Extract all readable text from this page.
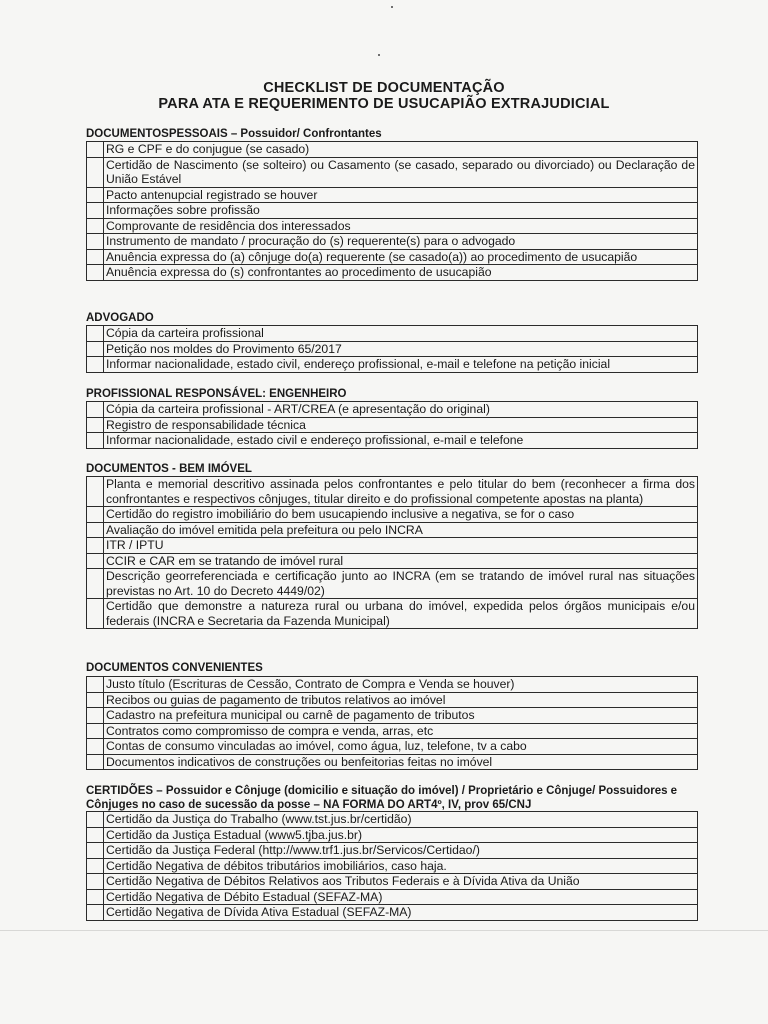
CHECKLIST DE DOCUMENTAÇÃO
PARA ATA E REQUERIMENTO DE USUCAPIÃO EXTRAJUDICIAL
DOCUMENTOSPESSOAIS – Possuidor/ Confrontantes
	RG e CPF e do conjugue (se casado)
	Certidão de Nascimento (se solteiro) ou Casamento (se casado, separado ou divorciado) ou Declaração de União Estável
	Pacto antenupcial registrado se houver
	Informações sobre profissão
	Comprovante de residência dos interessados
	Instrumento de mandato / procuração do (s) requerente(s) para o advogado
	Anuência expressa do (a) cônjuge do(a) requerente (se casado(a)) ao procedimento de usucapião
	Anuência expressa do (s) confrontantes ao procedimento de usucapião
ADVOGADO
	Cópia da carteira profissional
	Petição nos moldes do Provimento 65/2017
	Informar nacionalidade, estado civil, endereço profissional, e-mail e telefone na petição inicial
PROFISSIONAL RESPONSÁVEL: ENGENHEIRO
	Cópia da carteira profissional - ART/CREA (e apresentação do original)
	Registro de responsabilidade técnica
	Informar nacionalidade, estado civil e endereço profissional, e-mail e telefone
DOCUMENTOS - BEM IMÓVEL
	Planta e memorial descritivo assinada pelos confrontantes e pelo titular do bem (reconhecer a firma dos confrontantes e respectivos cônjuges, titular direito e do profissional competente apostas na planta)
	Certidão do registro imobiliário do bem usucapiendo inclusive a negativa, se for o caso
	Avaliação do imóvel emitida pela prefeitura ou pelo INCRA
	ITR / IPTU
	CCIR e CAR em se tratando de imóvel rural
	Descrição georreferenciada e certificação junto ao INCRA (em se tratando de imóvel rural nas situações previstas no Art. 10 do Decreto 4449/02)
	Certidão que demonstre a natureza rural ou urbana do imóvel, expedida pelos órgãos municipais e/ou federais (INCRA e Secretaria da Fazenda Municipal)
DOCUMENTOS CONVENIENTES
	Justo título (Escrituras de Cessão, Contrato de Compra e Venda se houver)
	Recibos ou guias de pagamento de tributos relativos ao imóvel
	Cadastro na prefeitura municipal ou carnê de pagamento de tributos
	Contratos como compromisso de compra e venda, arras, etc
	Contas de consumo vinculadas ao imóvel, como água, luz, telefone, tv a cabo
	Documentos indicativos de construções ou benfeitorias feitas no imóvel
CERTIDÕES – Possuidor e Cônjuge (domicilio e situação do imóvel) / Proprietário e Cônjuge/ Possuidores e Cônjuges no caso de sucessão da posse – NA FORMA DO ART4º, IV, prov 65/CNJ
	Certidão da Justiça do Trabalho (www.tst.jus.br/certidão)
	Certidão da Justiça Estadual (www5.tjba.jus.br)
	Certidão da Justiça Federal (http://www.trf1.jus.br/Servicos/Certidao/)
	Certidão Negativa de débitos tributários imobiliários, caso haja.
	Certidão Negativa de Débitos Relativos aos Tributos Federais e à Dívida Ativa da União
	Certidão Negativa de Débito Estadual (SEFAZ-MA)
	Certidão Negativa de Dívida Ativa Estadual (SEFAZ-MA)
